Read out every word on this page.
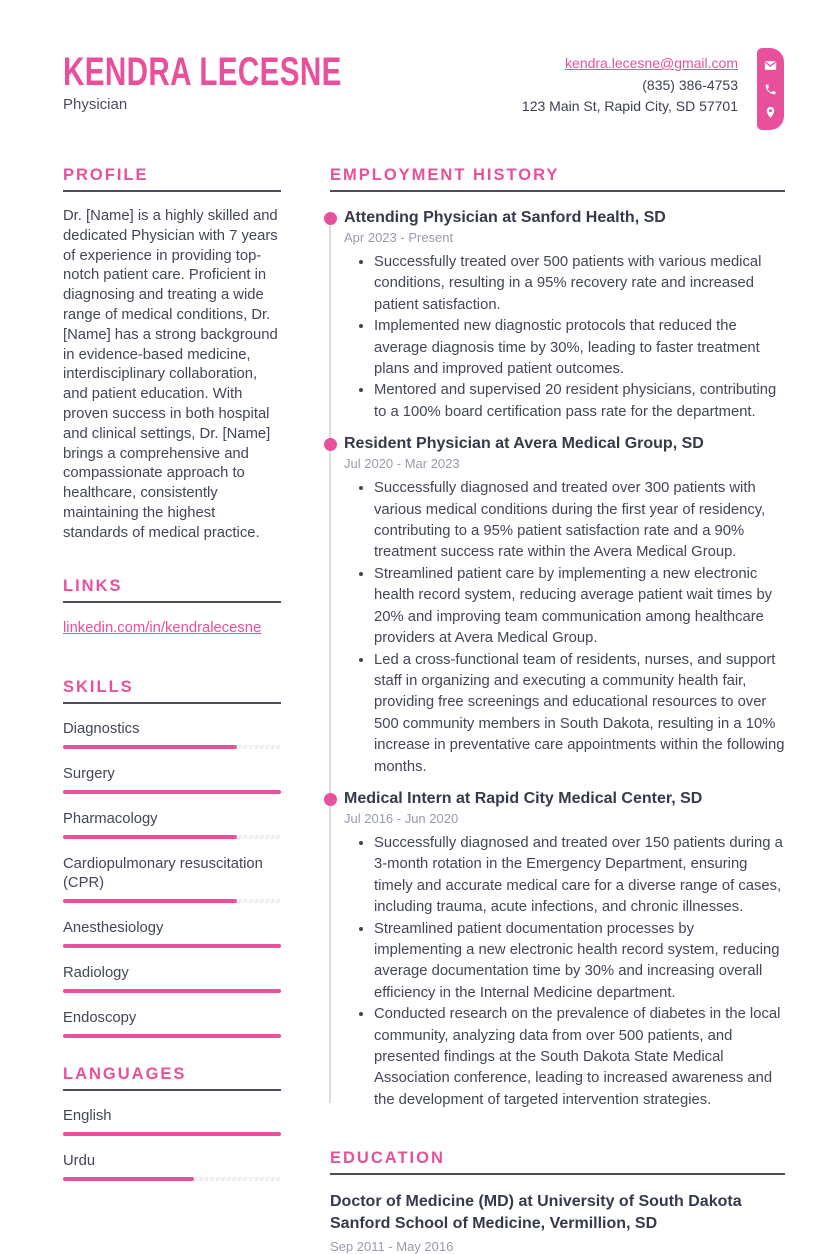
KENDRA LECESNE
Physician
kendra.lecesne@gmail.com
(835) 386-4753
123 Main St, Rapid City, SD 57701
PROFILE

Dr. [Name] is a highly skilled and dedicated Physician with 7 years of experience in providing top-notch patient care. Proficient in diagnosing and treating a wide range of medical conditions, Dr. [Name] has a strong background in evidence-based medicine, interdisciplinary collaboration, and patient education. With proven success in both hospital and clinical settings, Dr. [Name] brings a comprehensive and compassionate approach to healthcare, consistently maintaining the highest standards of medical practice.

LINKS
linkedin.com/in/kendralecesne
SKILLS
Diagnostics
Surgery
Pharmacology
Cardiopulmonary resuscitation (CPR)
Anesthesiology
Radiology
Endoscopy
LANGUAGES
English
Urdu
EMPLOYMENT HISTORY
Attending Physician at Sanford Health, SD
Apr 2023 - Present
• Successfully treated over 500 patients with various medical conditions, resulting in a 95% recovery rate and increased patient satisfaction.
• Implemented new diagnostic protocols that reduced the average diagnosis time by 30%, leading to faster treatment plans and improved patient outcomes.
• Mentored and supervised 20 resident physicians, contributing to a 100% board certification pass rate for the department.
Resident Physician at Avera Medical Group, SD
Jul 2020 - Mar 2023
• Successfully diagnosed and treated over 300 patients with various medical conditions during the first year of residency, contributing to a 95% patient satisfaction rate and a 90% treatment success rate within the Avera Medical Group.
• Streamlined patient care by implementing a new electronic health record system, reducing average patient wait times by 20% and improving team communication among healthcare providers at Avera Medical Group.
• Led a cross-functional team of residents, nurses, and support staff in organizing and executing a community health fair, providing free screenings and educational resources to over 500 community members in South Dakota, resulting in a 10% increase in preventative care appointments within the following months.
Medical Intern at Rapid City Medical Center, SD
Jul 2016 - Jun 2020
• Successfully diagnosed and treated over 150 patients during a 3-month rotation in the Emergency Department, ensuring timely and accurate medical care for a diverse range of cases, including trauma, acute infections, and chronic illnesses.
• Streamlined patient documentation processes by implementing a new electronic health record system, reducing average documentation time by 30% and increasing overall efficiency in the Internal Medicine department.
• Conducted research on the prevalence of diabetes in the local community, analyzing data from over 500 patients, and presented findings at the South Dakota State Medical Association conference, leading to increased awareness and the development of targeted intervention strategies.
EDUCATION
Doctor of Medicine (MD) at University of South Dakota Sanford School of Medicine, Vermillion, SD
Sep 2011 - May 2016
